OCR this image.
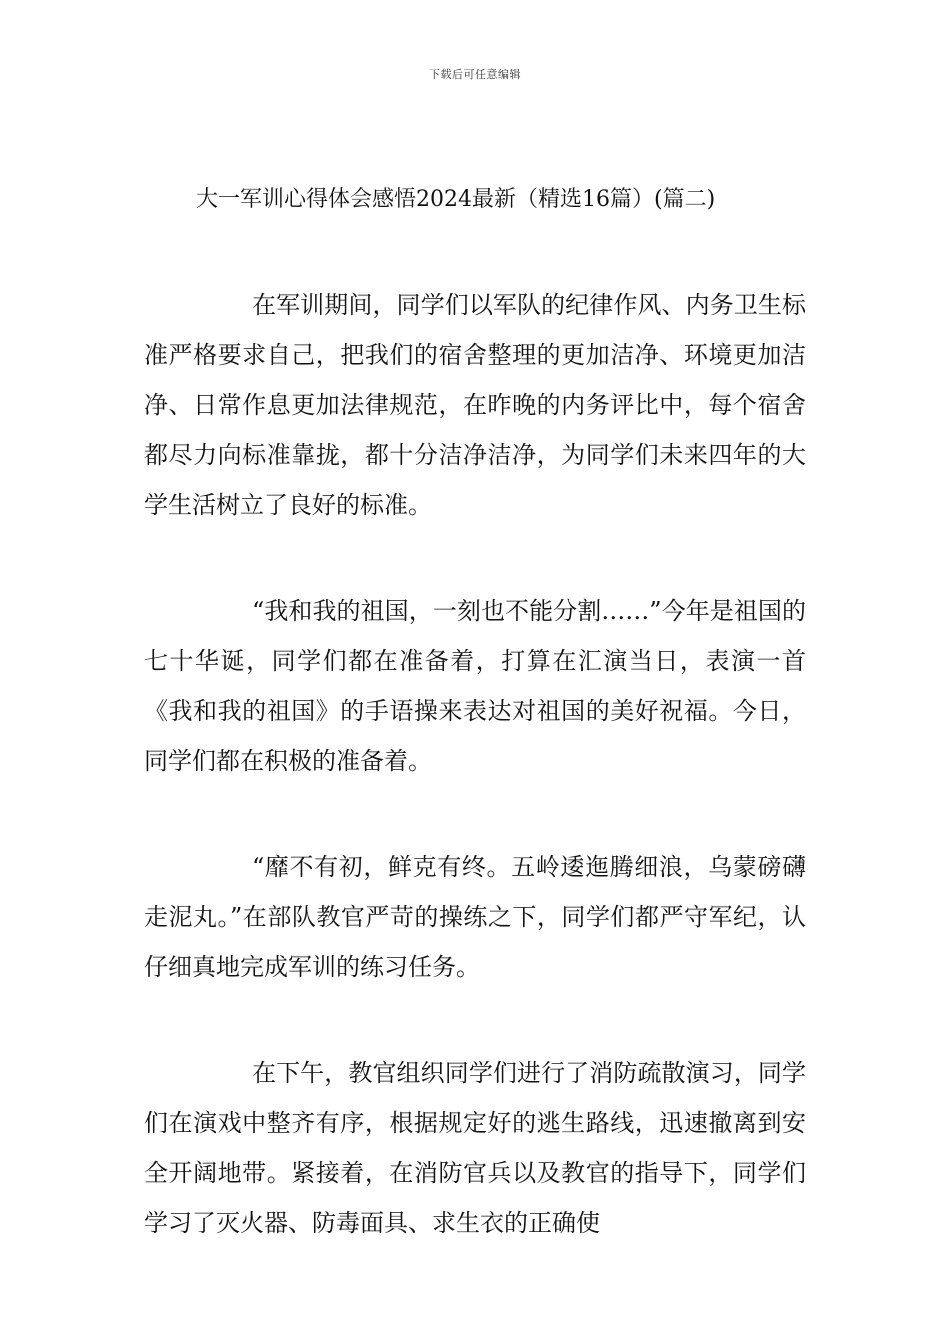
下载后可任意编辑
大一军训心得体会感悟2024最新（精选16篇）(篇二)

在军训期间，同学们以军队的纪律作风、内务卫生标准严格要求自己，把我们的宿舍整理的更加洁净、环境更加洁净、日常作息更加法律规范，在昨晚的内务评比中，每个宿舍都尽力向标准靠拢，都十分洁净洁净，为同学们未来四年的大学生活树立了良好的标准。

“我和我的祖国，一刻也不能分割……”今年是祖国的七十华诞，同学们都在准备着，打算在汇演当日，表演一首《我和我的祖国》的手语操来表达对祖国的美好祝福。今日，同学们都在积极的准备着。

“靡不有初，鲜克有终。五岭逶迤腾细浪，乌蒙磅礴走泥丸。”在部队教官严苛的操练之下，同学们都严守军纪，认仔细真地完成军训的练习任务。

在下午，教官组织同学们进行了消防疏散演习，同学们在演戏中整齐有序，根据规定好的逃生路线，迅速撤离到安全开阔地带。紧接着，在消防官兵以及教官的指导下，同学们学习了灭火器、防毒面具、求生衣的正确使
